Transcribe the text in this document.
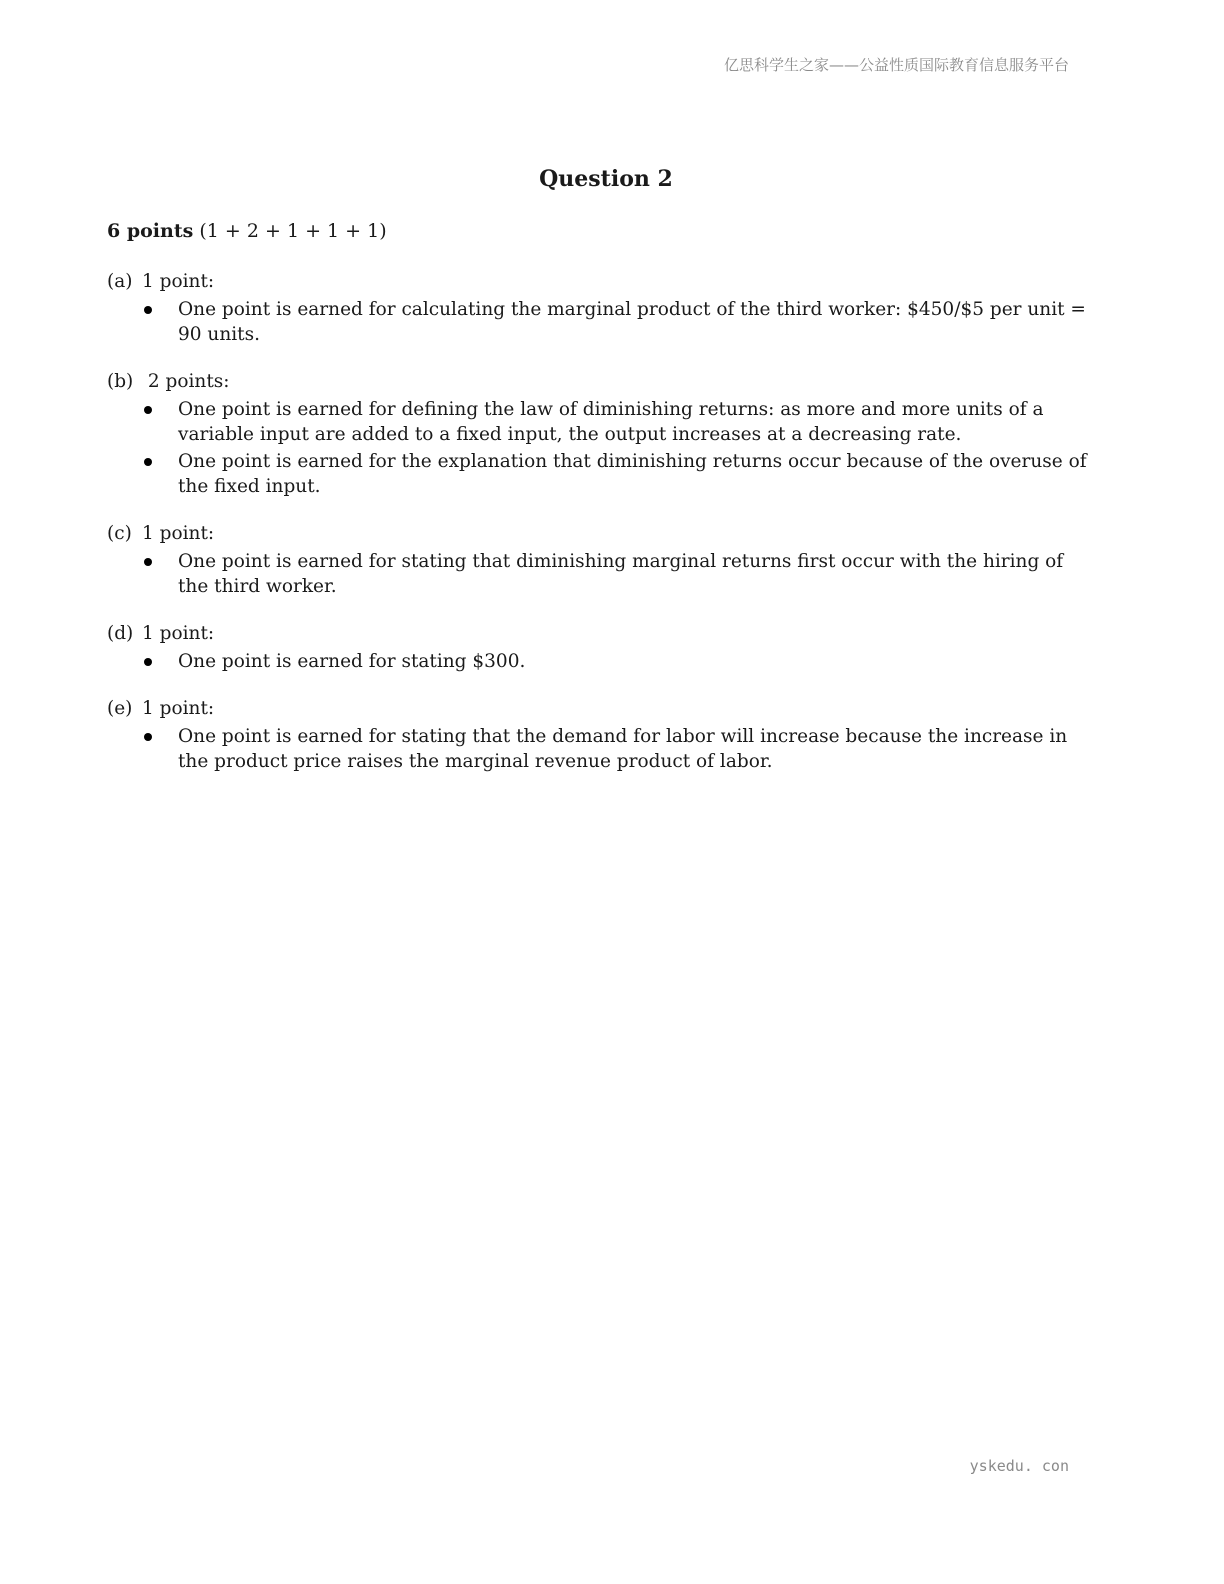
亿思科学生之家——公益性质国际教育信息服务平台
Question 2
6 points (1 + 2 + 1 + 1 + 1)
(a) 1 point:
One point is earned for calculating the marginal product of the third worker: $450/$5 per unit = 90 units.
(b) 2 points:
One point is earned for defining the law of diminishing returns: as more and more units of a variable input are added to a fixed input, the output increases at a decreasing rate.
One point is earned for the explanation that diminishing returns occur because of the overuse of the fixed input.
(c) 1 point:
One point is earned for stating that diminishing marginal returns first occur with the hiring of the third worker.
(d) 1 point:
One point is earned for stating $300.
(e) 1 point:
One point is earned for stating that the demand for labor will increase because the increase in the product price raises the marginal revenue product of labor.
yskedu. con
